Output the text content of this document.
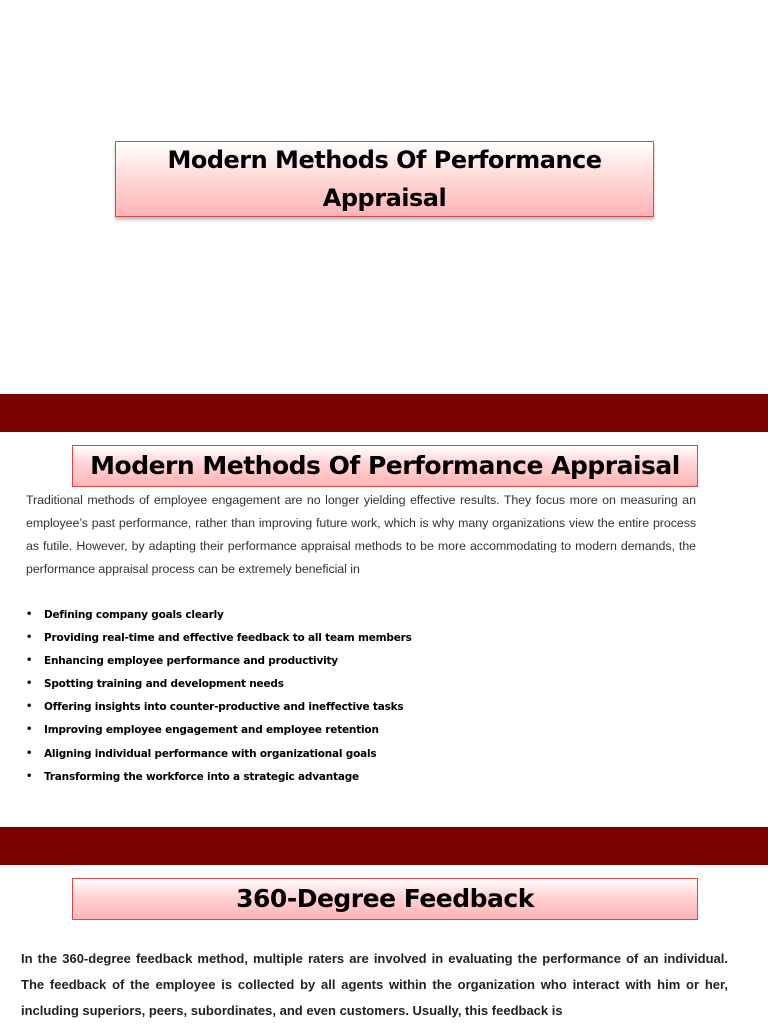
Modern Methods Of Performance Appraisal
Modern Methods Of Performance Appraisal
Traditional methods of employee engagement are no longer yielding effective results. They focus more on measuring an employee’s past performance, rather than improving future work, which is why many organizations view the entire process as futile. However, by adapting their performance appraisal methods to be more accommodating to modern demands, the performance appraisal process can be extremely beneficial in
• Defining company goals clearly
• Providing real-time and effective feedback to all team members
• Enhancing employee performance and productivity
• Spotting training and development needs
• Offering insights into counter-productive and ineffective tasks
• Improving employee engagement and employee retention
• Aligning individual performance with organizational goals
• Transforming the workforce into a strategic advantage
360-Degree Feedback
In the 360-degree feedback method, multiple raters are involved in evaluating the performance of an individual. The feedback of the employee is collected by all agents within the organization who interact with him or her, including superiors, peers, subordinates, and even customers. Usually, this feedback is
